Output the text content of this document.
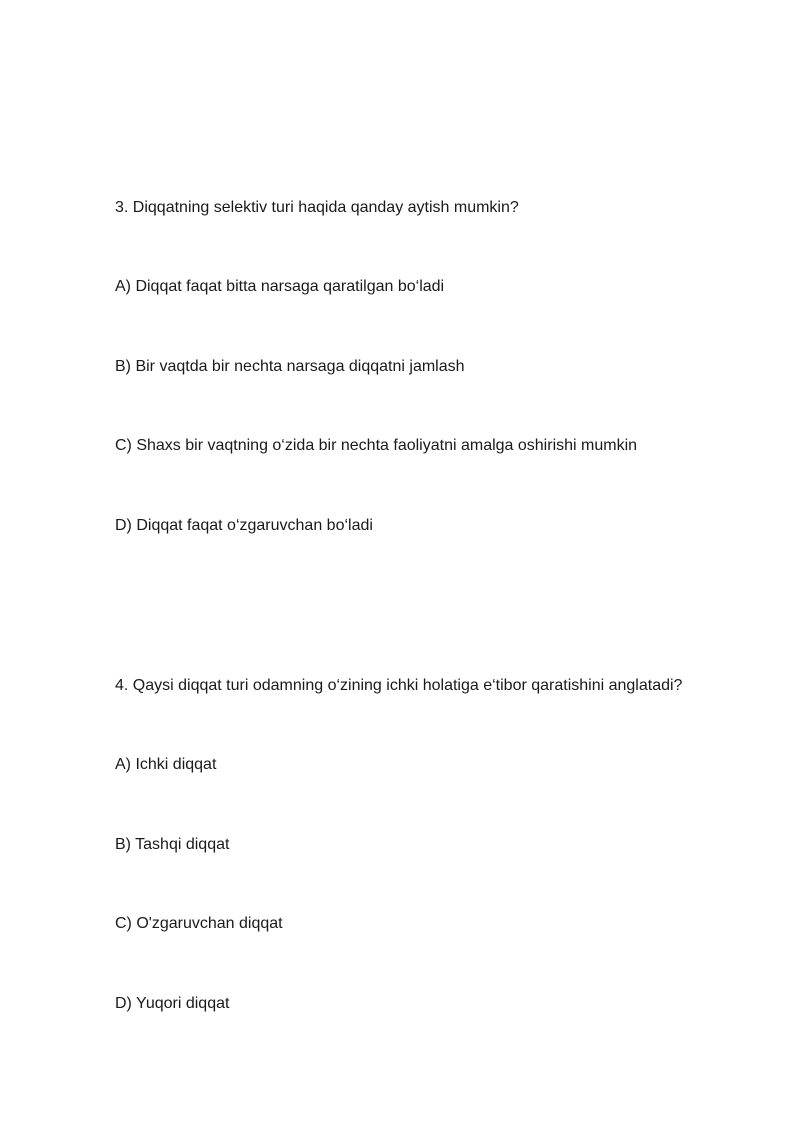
3. Diqqatning selektiv turi haqida qanday aytish mumkin?
A) Diqqat faqat bitta narsaga qaratilgan bo‘ladi
B) Bir vaqtda bir nechta narsaga diqqatni jamlash
C) Shaxs bir vaqtning o‘zida bir nechta faoliyatni amalga oshirishi mumkin
D) Diqqat faqat o‘zgaruvchan bo‘ladi
4. Qaysi diqqat turi odamning o‘zining ichki holatiga e‘tibor qaratishini anglatadi?
A) Ichki diqqat
B) Tashqi diqqat
C) O'zgaruvchan diqqat
D) Yuqori diqqat
